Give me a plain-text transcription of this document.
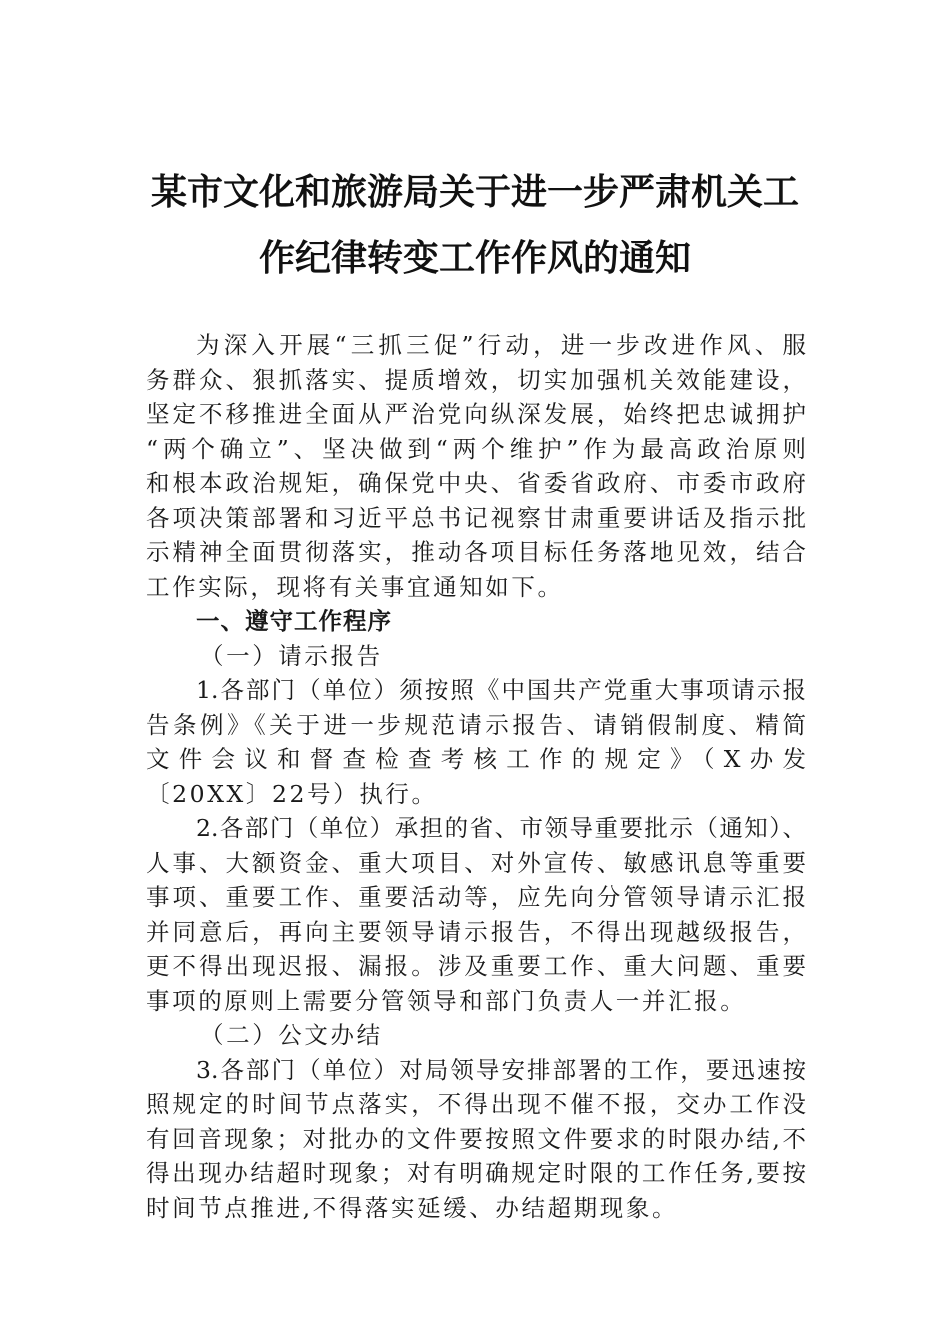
某市文化和旅游局关于进一步严肃机关工
作纪律转变工作作风的通知
为深入开展“三抓三促”行动，进一步改进作风、服
务群众、狠抓落实、提质增效，切实加强机关效能建设，
坚定不移推进全面从严治党向纵深发展，始终把忠诚拥护
“两个确立”、坚决做到“两个维护”作为最高政治原则
和根本政治规矩，确保党中央、省委省政府、市委市政府
各项决策部署和习近平总书记视察甘肃重要讲话及指示批
示精神全面贯彻落实，推动各项目标任务落地见效，结合
工作实际，现将有关事宜通知如下。
一、遵守工作程序
（一）请示报告
1.各部门（单位）须按照《中国共产党重大事项请示报
告条例》《关于进一步规范请示报告、请销假制度、精简
文件会议和督查检查考核工作的规定》（X办发
〔20XX〕22号）执行。
2.各部门（单位）承担的省、市领导重要批示（通知）、
人事、大额资金、重大项目、对外宣传、敏感讯息等重要
事项、重要工作、重要活动等，应先向分管领导请示汇报
并同意后，再向主要领导请示报告，不得出现越级报告，
更不得出现迟报、漏报。涉及重要工作、重大问题、重要
事项的原则上需要分管领导和部门负责人一并汇报。
（二）公文办结
3.各部门（单位）对局领导安排部署的工作，要迅速按
照规定的时间节点落实，不得出现不催不报，交办工作没
有回音现象；对批办的文件要按照文件要求的时限办结,不
得出现办结超时现象；对有明确规定时限的工作任务,要按
时间节点推进,不得落实延缓、办结超期现象。
